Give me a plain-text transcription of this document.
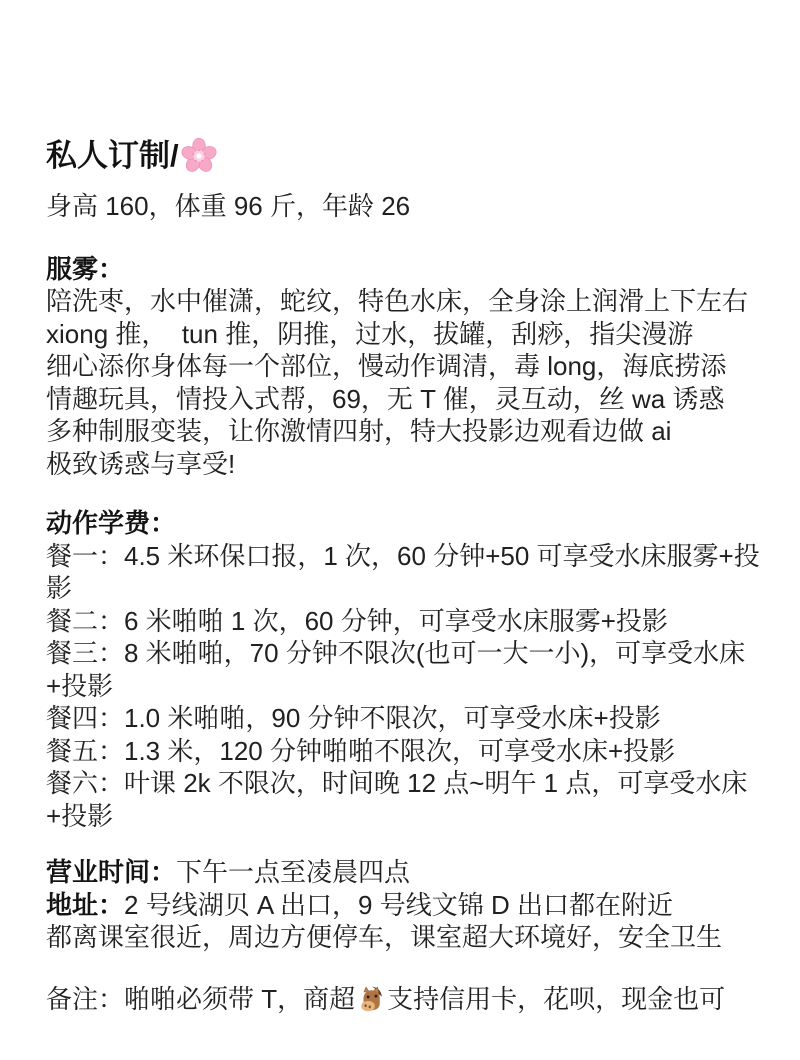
私人订制/

身高 160，体重 96 斤，年龄 26

服雾：

陪洗枣，水中催潇，蛇纹，特色水床，全身涂上润滑上下左右

xiong 推，  tun 推，阴推，过水，拔罐，刮痧，指尖漫游

细心添你身体每一个部位，慢动作调清，毒 long，海底捞添

情趣玩具，情投入式帮，69，无 T 催，灵互动，丝 wa 诱惑

多种制服变装，让你激情四射，特大投影边观看边做 ai

极致诱惑与享受!

动作学费：

餐一：4.5 米环保口报，1 次，60 分钟+50 可享受水床服雾+投影

餐二：6 米啪啪 1 次，60 分钟，可享受水床服雾+投影

餐三：8 米啪啪，70 分钟不限次(也可一大一小)，可享受水床+投影

餐四：1.0 米啪啪，90 分钟不限次，可享受水床+投影

餐五：1.3 米，120 分钟啪啪不限次，可享受水床+投影

餐六：叶课 2k 不限次，时间晚 12 点~明午 1 点，可享受水床+投影

营业时间：下午一点至凌晨四点

地址：2 号线湖贝 A 出口，9 号线文锦 D 出口都在附近

都离课室很近，周边方便停车，课室超大环境好，安全卫生

备注：啪啪必须带 T，商超 支持信用卡，花呗，现金也可
